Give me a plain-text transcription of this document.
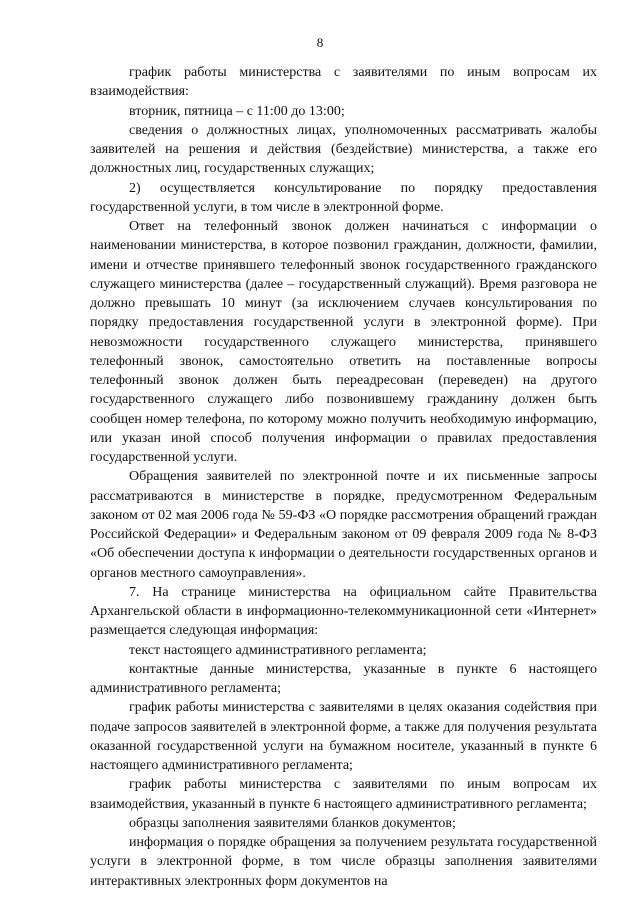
8

график работы министерства с заявителями по иным вопросам их взаимодействия:

вторник, пятница – с 11:00 до 13:00;

сведения о должностных лицах, уполномоченных рассматривать жалобы заявителей на решения и действия (бездействие) министерства, а также его должностных лиц, государственных служащих;

2) осуществляется консультирование по порядку предоставления государственной услуги, в том числе в электронной форме.

Ответ на телефонный звонок должен начинаться с информации о наименовании министерства, в которое позвонил гражданин, должности, фамилии, имени и отчестве принявшего телефонный звонок государственного гражданского служащего министерства (далее – государственный служащий). Время разговора не должно превышать 10 минут (за исключением случаев консультирования по порядку предоставления государственной услуги в электронной форме). При невозможности государственного служащего министерства, принявшего телефонный звонок, самостоятельно ответить на поставленные вопросы телефонный звонок должен быть переадресован (переведен) на другого государственного служащего либо позвонившему гражданину должен быть сообщен номер телефона, по которому можно получить необходимую информацию, или указан иной способ получения информации о правилах предоставления государственной услуги.

Обращения заявителей по электронной почте и их письменные запросы рассматриваются в министерстве в порядке, предусмотренном Федеральным законом от 02 мая 2006 года № 59-ФЗ «О порядке рассмотрения обращений граждан Российской Федерации» и Федеральным законом от 09 февраля 2009 года № 8-ФЗ «Об обеспечении доступа к информации о деятельности государственных органов и органов местного самоуправления».

7. На странице министерства на официальном сайте Правительства Архангельской области в информационно-телекоммуникационной сети «Интернет» размещается следующая информация:

текст настоящего административного регламента;

контактные данные министерства, указанные в пункте 6 настоящего административного регламента;

график работы министерства с заявителями в целях оказания содействия при подаче запросов заявителей в электронной форме, а также для получения результата оказанной государственной услуги на бумажном носителе, указанный в пункте 6 настоящего административного регламента;

график работы министерства с заявителями по иным вопросам их взаимодействия, указанный в пункте 6 настоящего административного регламента;

образцы заполнения заявителями бланков документов;

информация о порядке обращения за получением результата государственной услуги в электронной форме, в том числе образцы заполнения заявителями интерактивных электронных форм документов на
